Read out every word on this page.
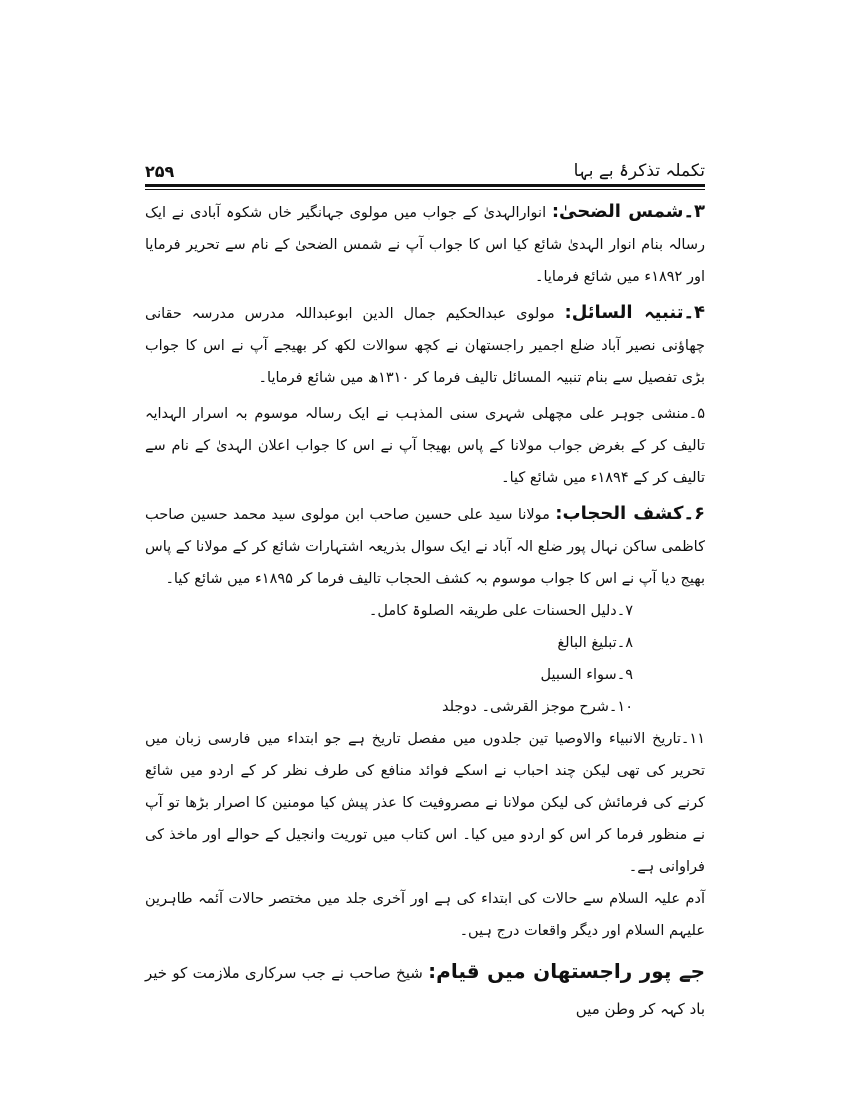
۲۵۹	تکملہ تذکرۂ بے بہا

۳۔شمس الضحیٰ: انوارالہدیٰ کے جواب میں مولوی جہانگیر خاں شکوہ آبادی نے ایک رسالہ بنام انوار الہدیٰ شائع کیا اس کا جواب آپ نے شمس الضحیٰ کے نام سے تحریر فرمایا اور ۱۸۹۲ء میں شائع فرمایا۔

۴۔تنبیہ السائل: مولوی عبدالحکیم جمال الدین ابوعبداللہ مدرس مدرسہ حقانی چھاؤنی نصیر آباد ضلع اجمیر راجستھان نے کچھ سوالات لکھ کر بھیجے آپ نے اس کا جواب بڑی تفصیل سے بنام تنبیہ المسائل تالیف فرما کر ۱۳۱۰ھ میں شائع فرمایا۔

۵۔منشی جوہر علی مچھلی شہری سنی المذہب نے ایک رسالہ موسوم بہ اسرار الہدایہ تالیف کر کے بغرض جواب مولانا کے پاس بھیجا آپ نے اس کا جواب اعلان الہدیٰ کے نام سے تالیف کر کے ۱۸۹۴ء میں شائع کیا۔

۶۔کشف الحجاب: مولانا سید علی حسین صاحب ابن مولوی سید محمد حسین صاحب کاظمی ساکن نہال پور ضلع الہ آباد نے ایک سوال بذریعہ اشتہارات شائع کر کے مولانا کے پاس بھیج دیا آپ نے اس کا جواب موسوم بہ کشف الحجاب تالیف فرما کر ۱۸۹۵ء میں شائع کیا۔

۷۔دلیل الحسنات علی طریقہ الصلوۃ کامل۔

۸۔تبلیغ البالغ

۹۔سواء السبیل

۱۰۔شرح موجز القرشی۔ دوجلد

۱۱۔تاریخ الانبیاء والاوصیا تین جلدوں میں مفصل تاریخ ہے جو ابتداء میں فارسی زبان میں تحریر کی تھی لیکن چند احباب نے اسکے فوائد منافع کی طرف نظر کر کے اردو میں شائع کرنے کی فرمائش کی لیکن مولانا نے مصروفیت کا عذر پیش کیا مومنین کا اصرار بڑھا تو آپ نے منظور فرما کر اس کو اردو میں کیا۔ اس کتاب میں توریت وانجیل کے حوالے اور ماخذ کی فراوانی ہے۔

آدم علیہ السلام سے حالات کی ابتداء کی ہے اور آخری جلد میں مختصر حالات آئمہ طاہرین علیہم السلام اور دیگر واقعات درج ہیں۔

جے پور راجستھان میں قیام: شیخ صاحب نے جب سرکاری ملازمت کو خیر باد کہہ کر وطن میں
